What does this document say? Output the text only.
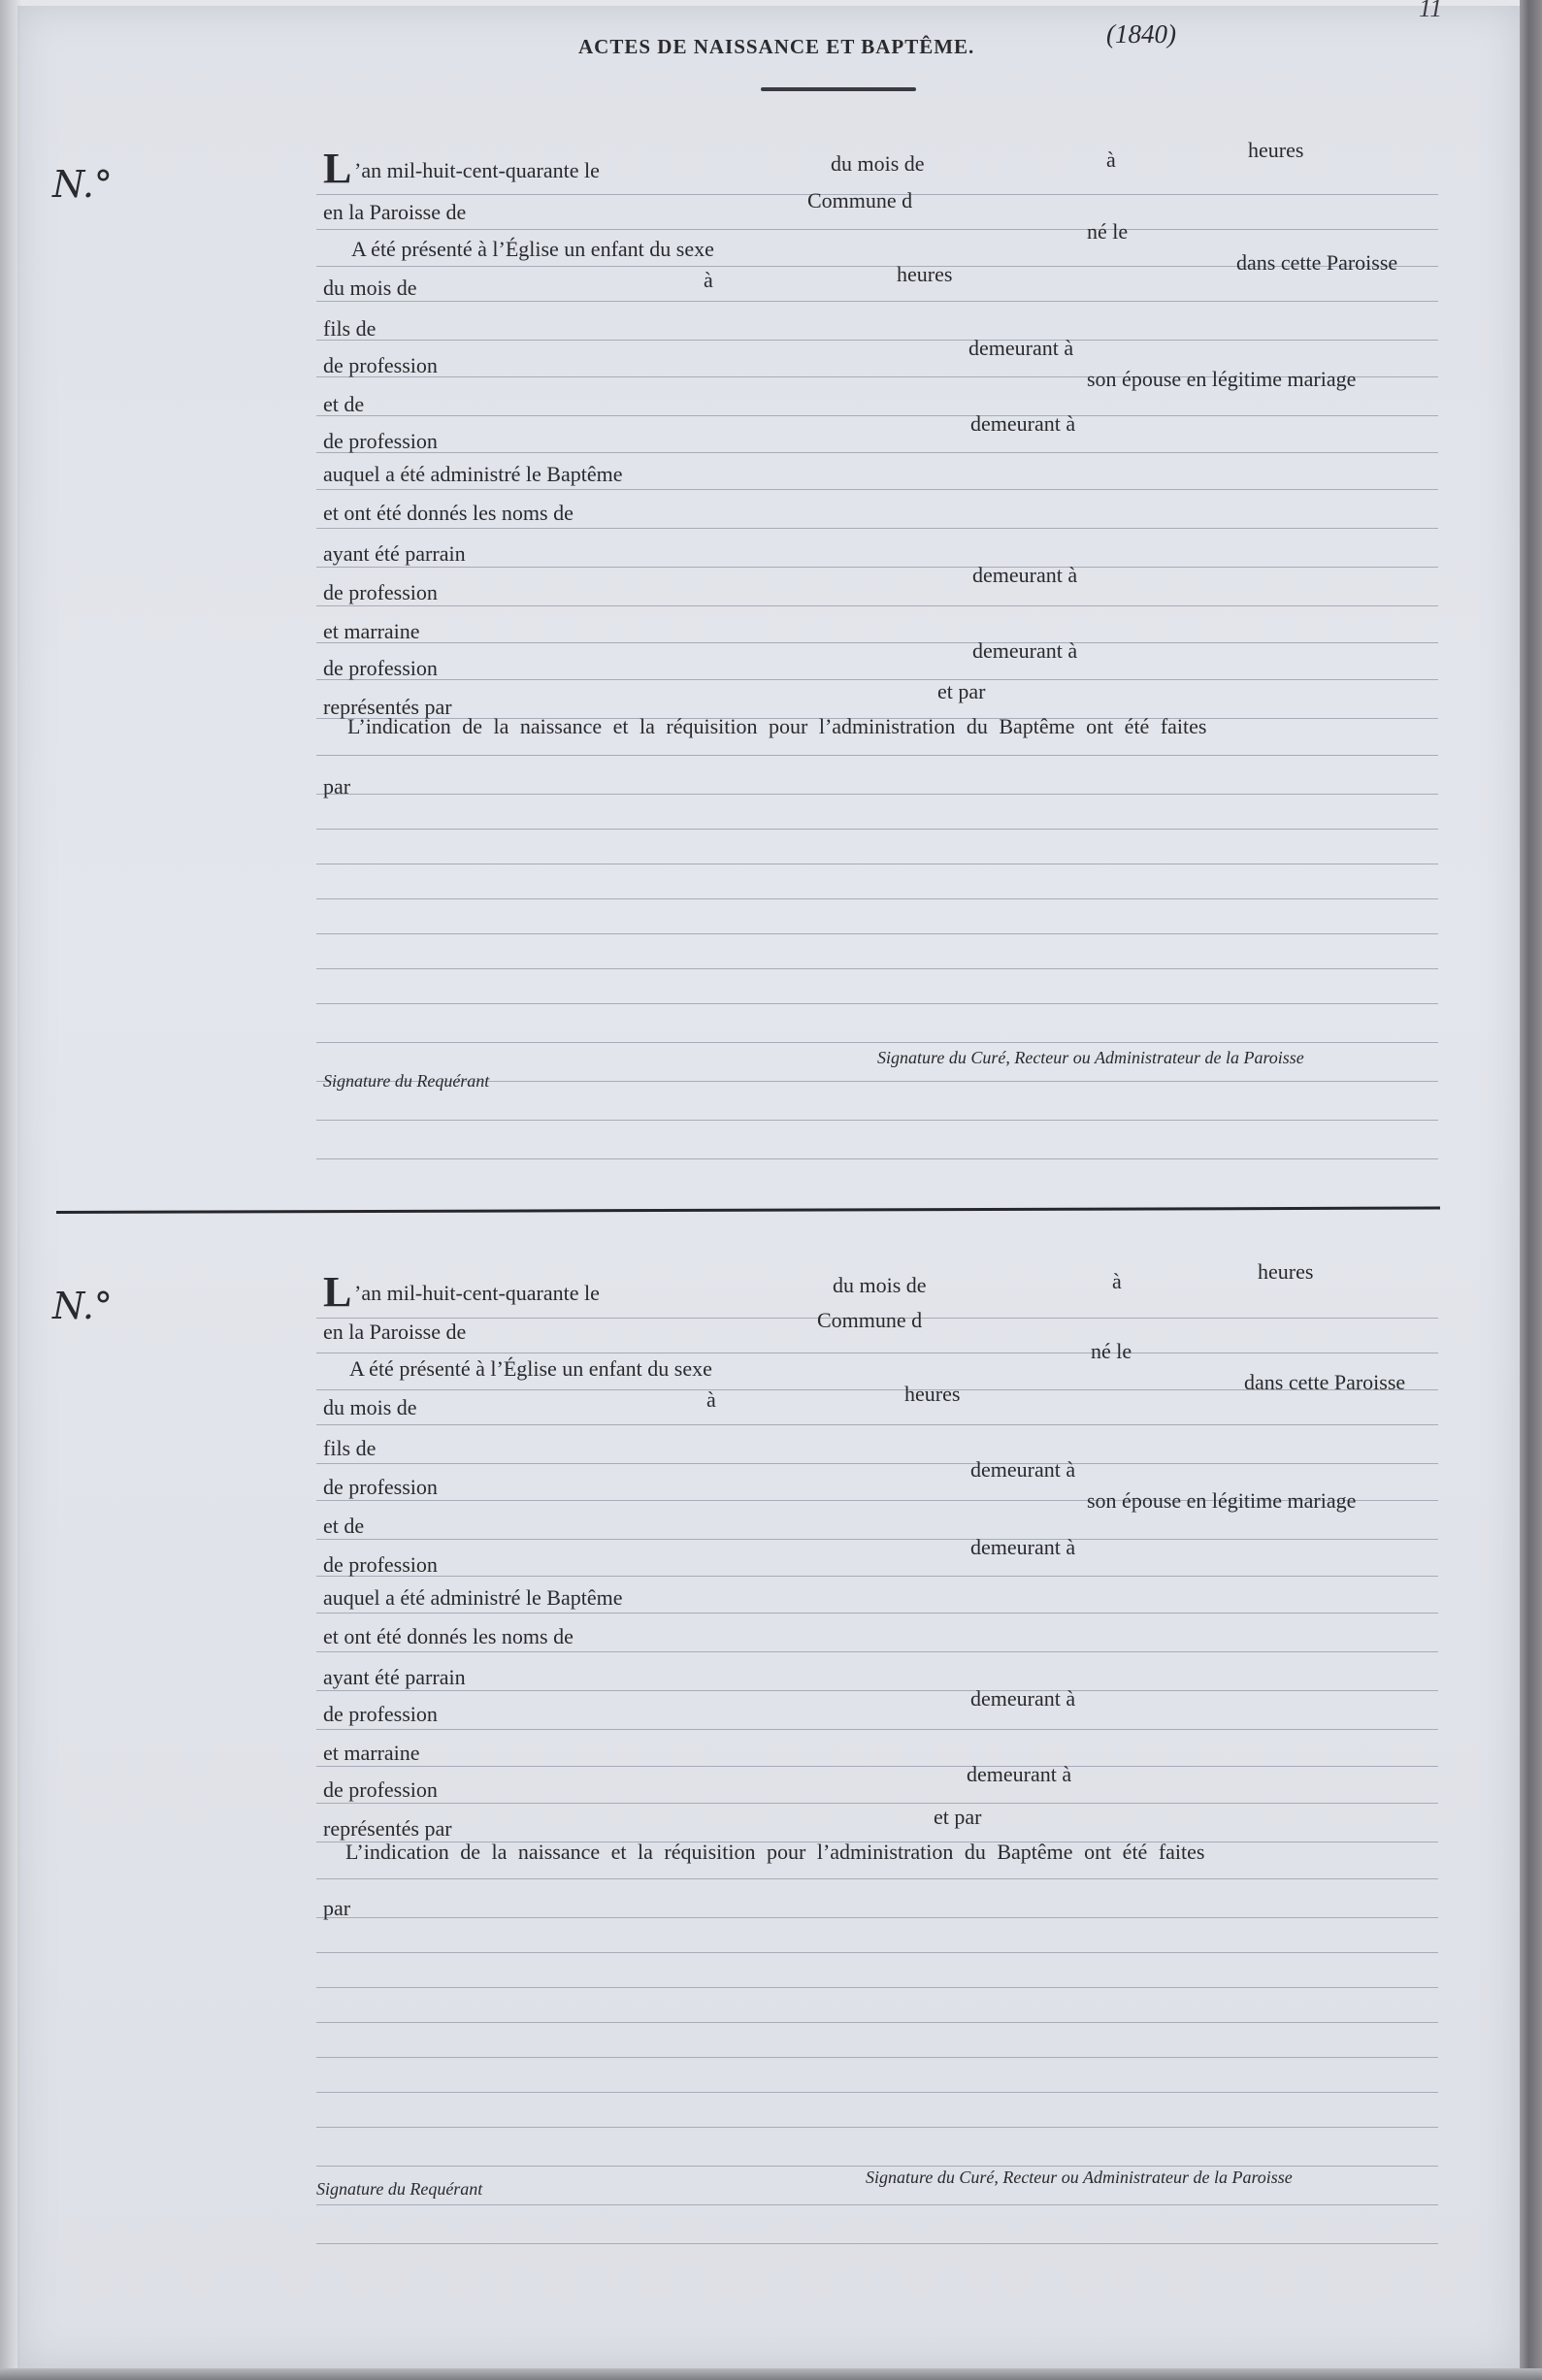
ACTES DE NAISSANCE ET BAPTÊME.	(1840)
11
N.°	L ’an mil-huit-cent-quarante le	du mois de	à	heures
en la Paroisse de	Commune d
A été présenté à l’Église un enfant du sexe
né le
du mois de	à	heures	dans cette Paroisse
fils de
de profession
demeurant à
et de
son épouse en légitime mariage
de profession
demeurant à
auquel a été administré le Baptême
et ont été donnés les noms de
ayant été parrain
de profession
demeurant à
et marraine
de profession
demeurant à
représentés par
et par
L’indication de la naissance et la réquisition pour l’administration du Baptême ont été faites
par
Signature du Requérant
Signature du Curé, Recteur ou Administrateur de la Paroisse
N.°	L ’an mil-huit-cent-quarante le	du mois de	à	heures
en la Paroisse de	Commune d
A été présenté à l’Église un enfant du sexe
né le
du mois de	à	heures	dans cette Paroisse
fils de
de profession
demeurant à
et de
son épouse en légitime mariage
de profession
demeurant à
auquel a été administré le Baptême
et ont été donnés les noms de
ayant été parrain
de profession
demeurant à
et marraine
de profession
demeurant à
représentés par	et par
L’indication de la naissance et la réquisition pour l’administration du Baptême ont été faites
par
Signature du Requérant
Signature du Curé, Recteur ou Administrateur de la Paroisse
